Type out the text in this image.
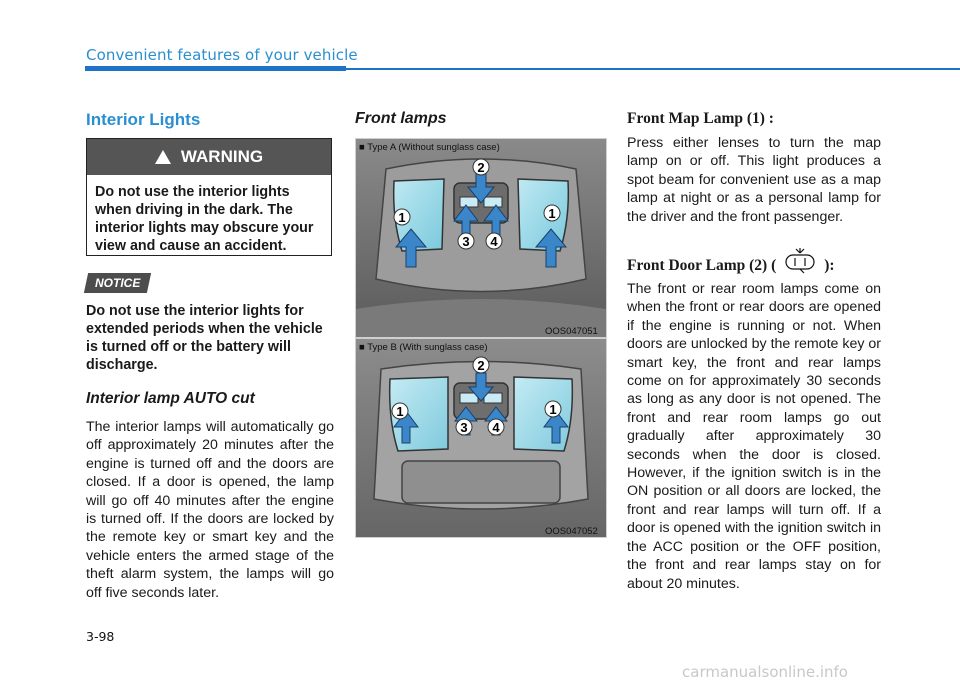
Convenient features of your vehicle
Interior Lights
WARNING
Do not use the interior lights when driving in the dark. The interior lights may obscure your view and cause an accident.
NOTICE
Do not use the interior lights for extended periods when the vehicle is turned off or the battery will discharge.
Interior lamp AUTO cut
The interior lamps will automatically go off approximately 20 minutes after the engine is turned off and the doors are closed. If a door is opened, the lamp will go off 40 minutes after the engine is turned off. If the doors are locked by the remote key or smart key and the vehicle enters the armed stage of the theft alarm system, the lamps will go off five seconds later.
Front lamps
1
2
3 4
1
■ Type A (Without sunglass case)
OOS047051
1
2
3 4
1
■ Type B (With sunglass case)
OOS047052
Front Map Lamp (1) :
Press either lenses to turn the map lamp on or off. This light produces a spot beam for convenient use as a map lamp at night or as a personal lamp for the driver and the front passenger.
Front Door Lamp (2) (	):
The front or rear room lamps come on when the front or rear doors are opened if the engine is running or not. When doors are unlocked by the remote key or smart key, the front and rear lamps come on for approximately 30 seconds as long as any door is not opened. The front and rear room lamps go out gradually after approximately 30 seconds when the door is closed. However, if the ignition switch is in the ON position or all doors are locked, the front and rear lamps will turn off. If a door is opened with the ignition switch in the ACC position or the OFF position, the front and rear lamps stay on for about 20 minutes.
3-98
carmanualsonline.info
